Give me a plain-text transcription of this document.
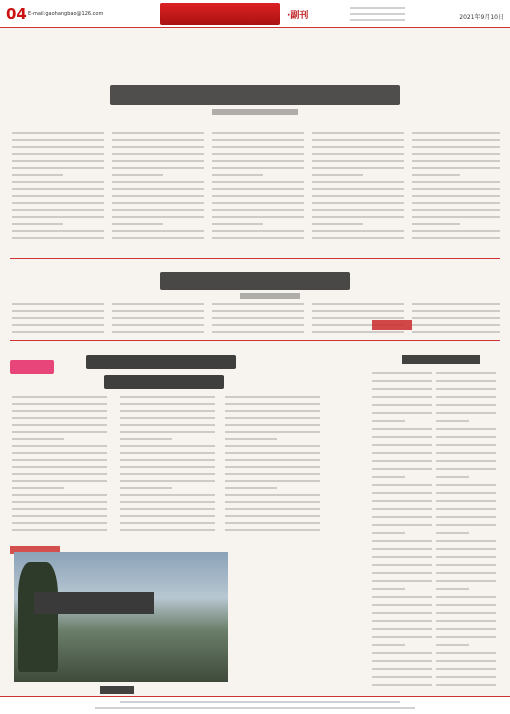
04 E-mail:gaohangbao@126.com	·副刊	2021年9月10日
